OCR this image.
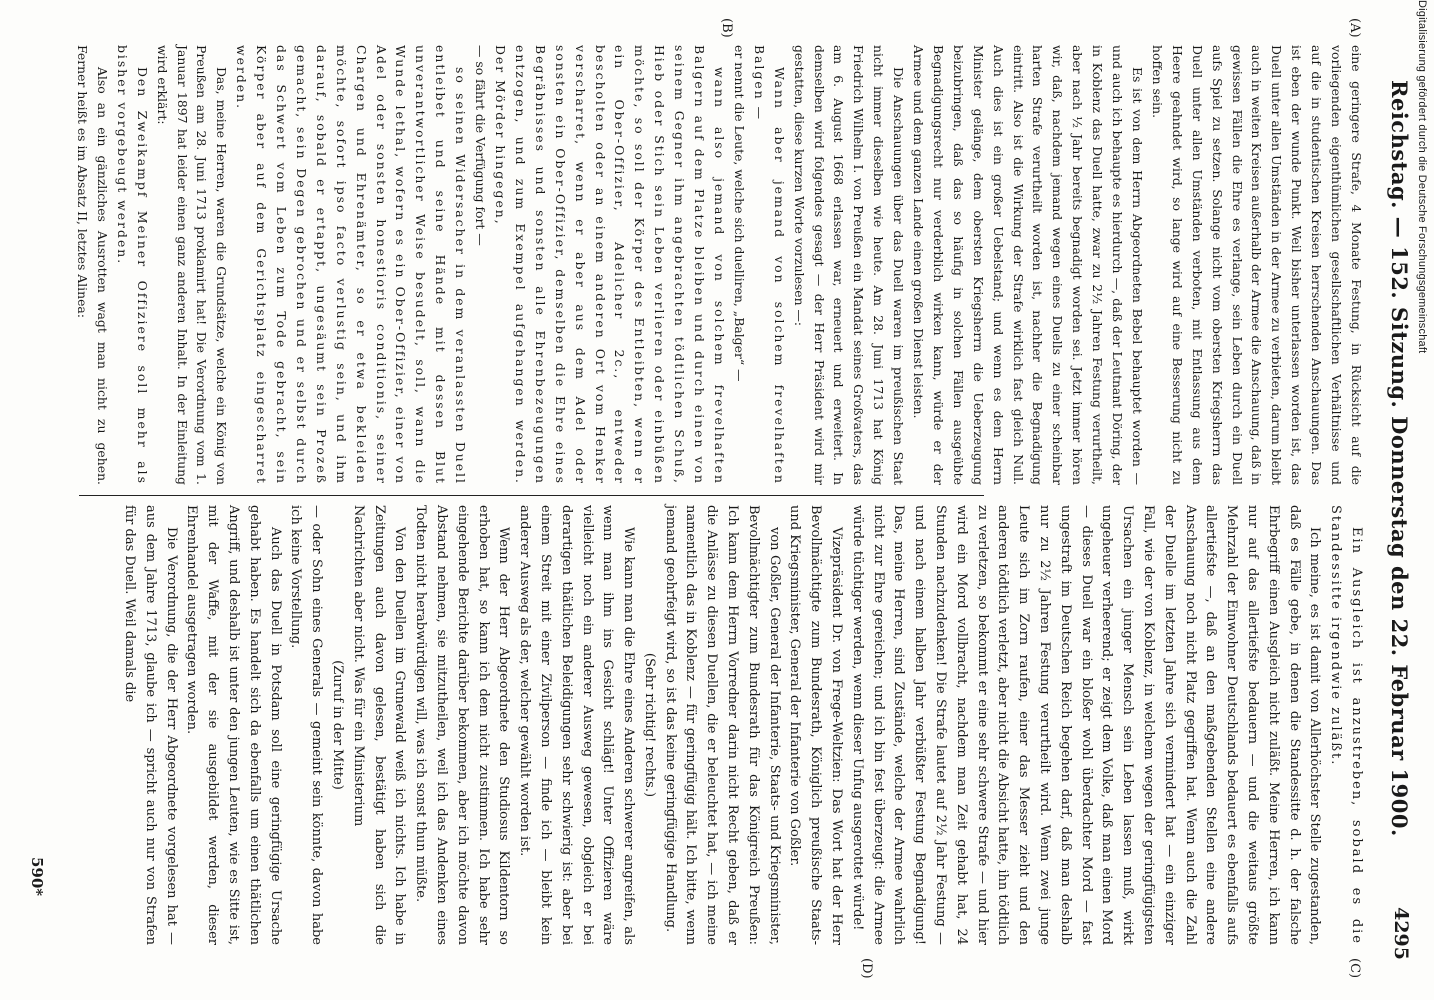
Digitalisierung gefördert durch die Deutsche Forschungsgemeinschaft
Reichstag. — 152. Sitzung. Donnerstag den 22. Februar 1900.
4295
(A)
(B)
(C)
(D)

eine geringere Strafe, 4 Monate Festung, in Rücksicht auf die vorliegenden eigenthümlichen gesellschaftlichen Verhältnisse und auf die in studentischen Kreisen herrschenden Anschauungen. Das ist eben der wunde Punkt. Weil bisher unterlassen worden ist, das Duell unter allen Umständen in der Armee zu verbieten, darum bleibt auch in weiten Kreisen außerhalb der Armee die Anschauung, daß in gewissen Fällen die Ehre es verlange, sein Leben durch ein Duell aufs Spiel zu setzen. Solange nicht vom obersten Kriegsherrn das Duell unter allen Umständen verboten, mit Entlassung aus dem Heere geahndet wird, so lange wird auf eine Besserung nicht zu hoffen sein.

Es ist von dem Herrn Abgeordneten Bebel behauptet worden — und auch ich behaupte es hierdurch —, daß der Leutnant Döring, der in Koblenz das Duell hatte, zwar zu 2½ Jahren Festung verurtheilt, aber nach ½ Jahr bereits begnadigt worden sei. Jetzt immer hören wir, daß, nachdem jemand wegen eines Duells zu einer scheinbar harten Strafe verurtheilt worden ist, nachher die Begnadigung eintritt. Also ist die Wirkung der Strafe wirklich fast gleich Null. Auch dies ist ein großer Uebelstand; und wenn es dem Herrn Minister gelänge, dem obersten Kriegsherrn die Ueberzeugung beizubringen, daß das so häufig in solchen Fällen ausgeübte Begnadigungsrecht nur verderblich wirken kann, würde er der Armee und dem ganzen Lande einen großen Dienst leisten.

Die Anschauungen über das Duell waren im preußischen Staat nicht immer dieselben wie heute. Am 28. Juni 1713 hat König Friedrich Wilhelm I. von Preußen ein Mandat seines Großvaters, das am 6. August 1668 erlassen war, erneuert und erweitert. In demselben wird folgendes gesagt — der Herr Präsident wird mir gestatten, diese kurzen Worte vorzulesen —:

Wann aber jemand von solchem frevelhaften Balgen —

er nennt die Leute, welche sich duelliren, „Balger“ —

wann also jemand von solchem frevelhaften Balgern auf dem Platze bleiben und durch einen von seinem Gegner ihm angebrachten tödtlichen Schuß, Hieb oder Stich sein Leben verlieren oder einbüßen möchte, so soll der Körper des Entleibten, wenn er ein Ober-Offizier, Adelicher 2c., entweder bescholten oder an einem anderen Ort vom Henker verscharret, wenn er aber aus dem Adel oder sonsten ein Ober-Offizier, demselben die Ehre eines Begräbnisses und sonsten alle Ehrenbezeugungen entzogen, und zum Exempel aufgehangen werden. Der Mörder hingegen,

— so fährt die Verfügung fort —

so seinen Widersacher in dem veranlassten Duell entleibet und seine Hände mit dessen Blut unverantwortlicher Weise besudelt, soll, wann die Wunde lethal, wofern es ein Ober-Offizier, einer von Adel oder sonsten honestioris conditionis, seiner Chargen und Ehrenämter, so er etwa bekleiden möchte, sofort ipso facto verlustig sein, und ihm darauf, sobald er ertappt, ungesäumt sein Prozeß gemacht, sein Degen gebrochen und er selbst durch das Schwert vom Leben zum Tode gebracht, sein Körper aber auf dem Gerichtsplatz eingescharret werden.

Das, meine Herren, waren die Grundsätze, welche ein König von Preußen am 28. Juni 1713 proklamirt hat! Die Verordnung vom 1. Januar 1897 hat leider einen ganz anderen Inhalt. In der Einleitung wird erklärt:

Den Zweikampf Meiner Offiziere soll mehr als bisher vorgebeugt werden.

Also an ein gänzliches Ausrotten wagt man nicht zu gehen. Ferner heißt es im Absatz II, letztes Alinea:

Ein Ausgleich ist anzustreben, sobald es die Standessitte irgendwie zuläßt.

Ich meine, es ist damit von Allerhöchster Stelle zugestanden, daß es Fälle gebe, in denen die Standessitte d. h. der falsche Ehrbegriff einen Ausgleich nicht zuläßt. Meine Herren, ich kann nur auf das allertiefste bedauern — und die weitaus größte Mehrzahl der Einwohner Deutschlands bedauert es ebenfalls aufs allertiefste —, daß an den maßgebenden Stellen eine andere Anschauung noch nicht Platz gegriffen hat. Wenn auch die Zahl der Duelle im letzten Jahre sich vermindert hat — ein einziger Fall, wie der von Koblenz, in welchem wegen der geringfügigsten Ursachen ein junger Mensch sein Leben lassen muß, wirkt ungeheuer verheerend; er zeigt dem Volke, daß man einen Mord — dieses Duell war ein bloßer wohl überdachter Mord — fast ungestraft im Deutschen Reich begehen darf, daß man deshalb nur zu 2½ Jahren Festung verurtheilt wird. Wenn zwei junge Leute sich im Zorn raufen, einer das Messer zieht und den anderen tödtlich verletzt, aber nicht die Absicht hatte, ihn tödtlich zu verletzen, so bekommt er eine sehr schwere Strafe — und hier wird ein Mord vollbracht, nachdem man Zeit gehabt hat, 24 Stunden nachzudenken! Die Strafe lautet auf 2½ Jahr Festung — und nach einem halben Jahr verbüßter Festung Begnadigung! Das, meine Herren, sind Zustände, welche der Armee wahrlich nicht zur Ehre gereichen; und ich bin fest überzeugt: die Armee würde tüchtiger werden, wenn dieser Unfug ausgerottet würde!

Vizepräsident Dr. von Frege-Weltzien: Das Wort hat der Herr Bevollmächtigte zum Bundesrath, Königlich preußische Staats- und Kriegsminister, General der Infanterie von Goßler.

von Goßler, General der Infanterie, Staats- und Kriegsminister, Bevollmächtigter zum Bundesrath für das Königreich Preußen: Ich kann dem Herrn Vorredner darin nicht Recht geben, daß er die Anlässe zu diesen Duellen, die er beleuchtet hat, — ich meine namentlich das in Koblenz — für geringfügig hält. Ich bitte, wenn jemand geohrfeigt wird, so ist das keine geringfügige Handlung.

(Sehr richtig! rechts.)

Wie kann man die Ehre eines Anderen schwerer angreifen, als wenn man ihm ins Gesicht schlägt! Unter Offizieren wäre vielleicht noch ein anderer Ausweg gewesen, obgleich er bei derartigen thätlichen Beleidigungen sehr schwierig ist: aber bei einem Streit mit einer Zivilperson — finde ich — bleibt kein anderer Ausweg als der, welcher gewählt worden ist.

Wenn der Herr Abgeordnete den Studiosus Kildentorn so erhoben hat, so kann ich dem nicht zustimmen. Ich habe sehr eingehende Berichte darüber bekommen, aber ich möchte davon Abstand nehmen, sie mitzutheilen, weil ich das Andenken eines Todten nicht herabwürdigen will, was ich sonst thun müßte.

Von den Duellen im Grunewald weiß ich nichts. Ich habe in Zeitungen auch davon gelesen, bestätigt haben sich die Nachrichten aber nicht. Was für ein Ministerium

(Zuruf in der Mitte)

— oder Sohn eines Generals — gemeint sein könnte, davon habe ich keine Vorstellung.

Auch das Duell in Potsdam soll eine geringfügige Ursache gehabt haben. Es handelt sich da ebenfalls um einen thätlichen Angriff, und deshalb ist unter den jungen Leuten, wie es Sitte ist, mit der Waffe, mit der sie ausgebildet werden, dieser Ehrenhandel ausgetragen worden.

Die Verordnung, die der Herr Abgeordnete vorgelesen hat — aus dem Jahre 1713, glaube ich — spricht auch nur von Strafen für das Duell. Weil damals die

590*
